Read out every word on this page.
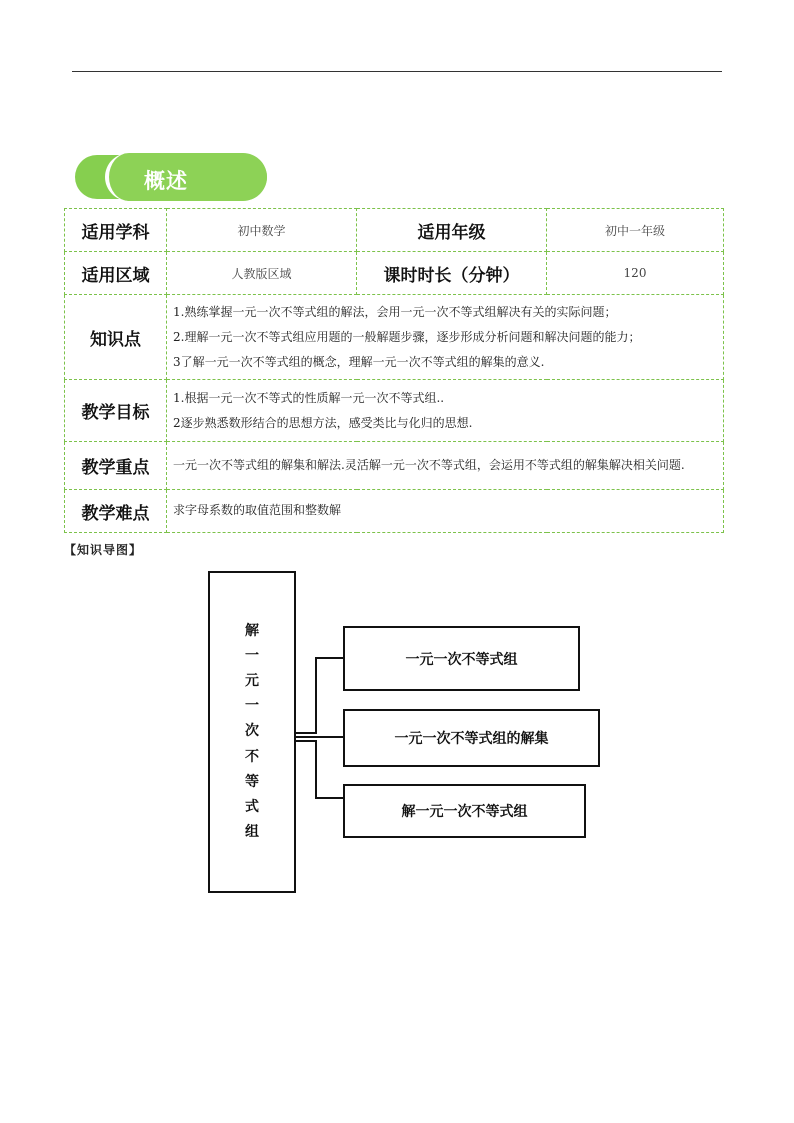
概述
适用学科	初中数学	适用年级	初中一年级
适用区域	人教版区域	课时时长（分钟）	120
知识点	1.熟练掌握一元一次不等式组的解法，会用一元一次不等式组解决有关的实际问题；

2.理解一元一次不等式组应用题的一般解题步骤，逐步形成分析问题和解决问题的能力；

3了解一元一次不等式组的概念，理解一元一次不等式组的解集的意义.		

教学目标	1.根据一元一次不等式的性质解一元一次不等式组..

2逐步熟悉数形结合的思想方法，感受类比与化归的思想.		

教学重点	一元一次不等式组的解集和解法.灵活解一元一次不等式组，会运用不等式组的解集解决相关问题.		
教学难点	求字母系数的取值范围和整数解		
【知识导图】
解
一
元
一
次
不
等
式
组
一元一次不等式组
一元一次不等式组的解集
解一元一次不等式组
